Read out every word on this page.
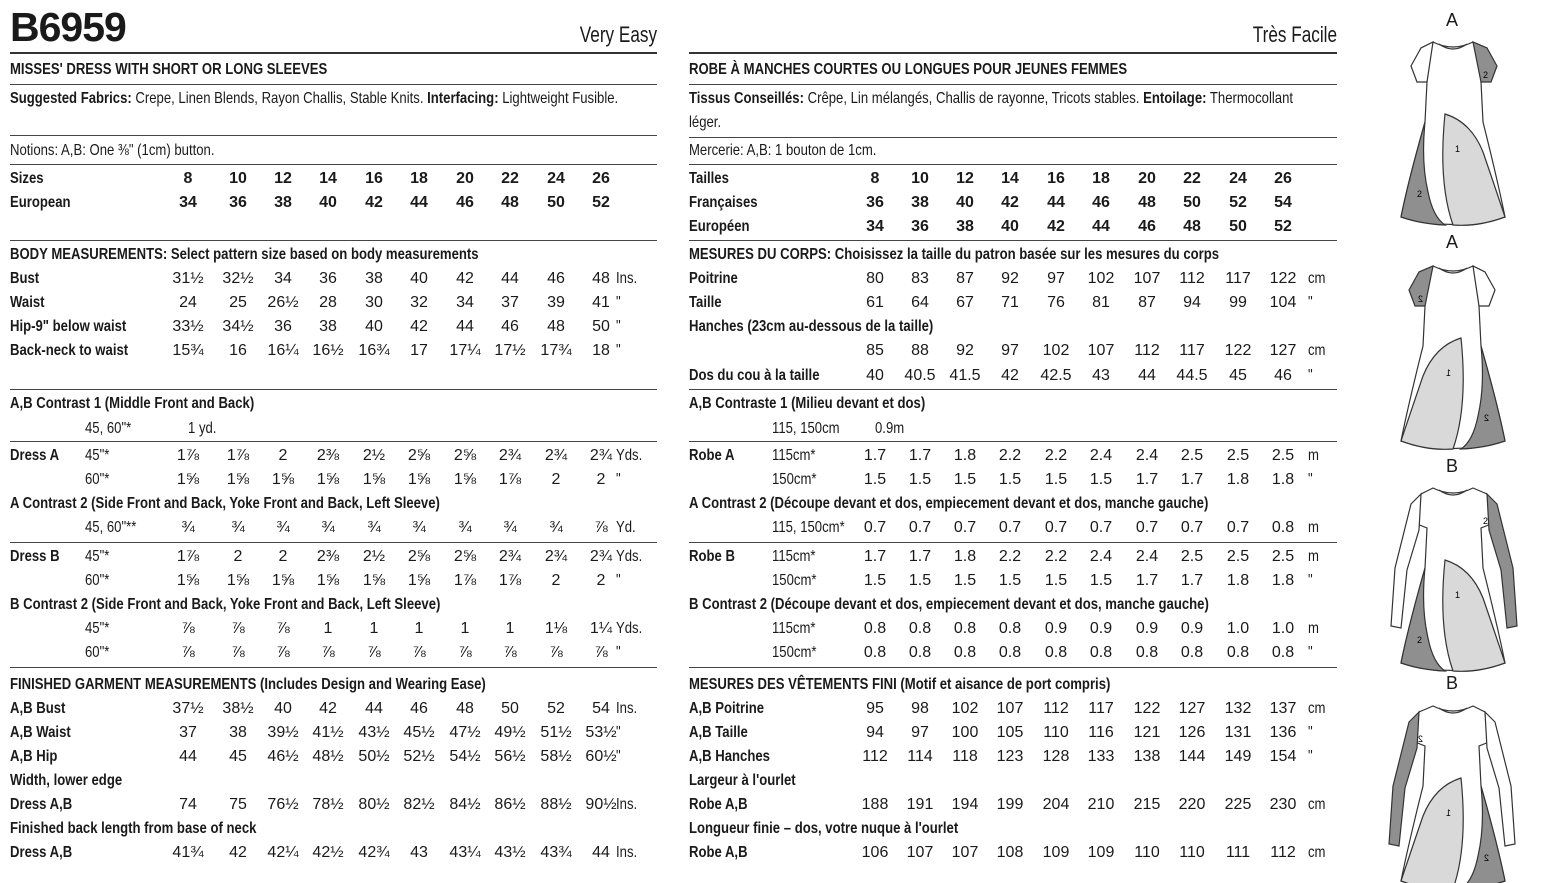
B6959	Very Easy
MISSES' DRESS WITH SHORT OR LONG SLEEVES
Suggested Fabrics: Crepe, Linen Blends, Rayon Challis, Stable Knits. Interfacing: Lightweight Fusible.
Notions: A,B: One ⅜" (1cm) button.
Sizes	8	10	12	14	16	18	20	22	24	26
European	34	36	38	40	42	44	46	48	50	52
BODY MEASUREMENTS: Select pattern size based on body measurements
Bust	31½ 32½	34	36	38	40	42	44	46	48 Ins.
Waist	24	25	26½	28	30	32	34	37	39	41 "
Hip-9" below waist	33½ 34½	36	38	40	42	44	46	48	50 "
Back-neck to waist	15¾	16	16¼ 16½ 16¾	17	17¼ 17½ 17¾	18 "
A,B Contrast 1 (Middle Front and Back)
45, 60"*	1 yd.
Dress A 45"*	1⅞	1⅞	2	2⅜	2½	2⅝	2⅝	2¾	2¾	2¾ Yds.
60"*	1⅝	1⅝	1⅝	1⅝	1⅝	1⅝	1⅝	1⅞	2	2 "
A Contrast 2 (Side Front and Back, Yoke Front and Back, Left Sleeve)
45, 60"**	¾	¾	¾	¾	¾	¾	¾	¾	¾	⅞ Yd.
Dress B 45"*	1⅞	2	2	2⅜	2½	2⅝	2⅝	2¾	2¾	2¾ Yds.
60"*	1⅝	1⅝	1⅝	1⅝	1⅝	1⅝	1⅞	1⅞	2	2 "
B Contrast 2 (Side Front and Back, Yoke Front and Back, Left Sleeve)
45"*	⅞	⅞	⅞	1	1	1	1	1	1⅛	1¼ Yds.
60"*	⅞	⅞	⅞	⅞	⅞	⅞	⅞	⅞	⅞	⅞ "
FINISHED GARMENT MEASUREMENTS (Includes Design and Wearing Ease)
A,B Bust	37½ 38½	40	42	44	46	48	50	52	54 Ins.
A,B Waist	37	38	39½ 41½ 43½ 45½ 47½ 49½ 51½ 53½ "
A,B Hip	44	45	46½ 48½ 50½ 52½ 54½ 56½ 58½ 60½ "
Width, lower edge
Dress A,B	74	75	76½ 78½ 80½ 82½ 84½ 86½ 88½ 90½ Ins.
Finished back length from base of neck
Dress A,B	41¾	42	42¼ 42½ 42¾	43	43¼ 43½ 43¾	44 Ins.
Très Facile
ROBE À MANCHES COURTES OU LONGUES POUR JEUNES FEMMES
Tissus Conseillés: Crêpe, Lin mélangés, Challis de rayonne, Tricots stables. Entoilage: Thermocollant
léger.
Mercerie: A,B: 1 bouton de 1cm.
Tailles	8	10	12	14	16	18	20	22	24	26
Françaises	36	38	40	42	44	46	48	50	52	54
Européen	34	36	38	40	42	44	46	48	50	52
MESURES DU CORPS: Choisissez la taille du patron basée sur les mesures du corps
Poitrine	80	83	87	92	97	102 107 112 117 122 cm
Taille	61	64	67	71	76	81	87	94	99	104 "
Hanches (23cm au-dessous de la taille)
85	88	92	97	102 107 112 117 122 127 cm
Dos du cou à la taille	40	40.5 41.5	42	42.5	43	44	44.5	45	46	"
A,B Contraste 1 (Milieu devant et dos)
115, 150cm 0.9m
Robe A 115cm*	1.7	1.7	1.8	2.2	2.2	2.4	2.4	2.5	2.5	2.5 m
150cm*	1.5	1.5	1.5	1.5	1.5	1.5	1.7	1.7	1.8	1.8 "
A Contrast 2 (Découpe devant et dos, empiecement devant et dos, manche gauche)
115, 150cm*	0.7	0.7	0.7	0.7	0.7	0.7	0.7	0.7	0.7	0.8 m
Robe B 115cm*	1.7	1.7	1.8	2.2	2.2	2.4	2.4	2.5	2.5	2.5 m
150cm*	1.5	1.5	1.5	1.5	1.5	1.5	1.7	1.7	1.8	1.8 "
B Contrast 2 (Découpe devant et dos, empiecement devant et dos, manche gauche)
115cm*	0.8	0.8	0.8	0.8	0.9	0.9	0.9	0.9	1.0	1.0 m
150cm*	0.8	0.8	0.8	0.8	0.8	0.8	0.8	0.8	0.8	0.8 "
MESURES DES VÊTEMENTS FINI (Motif et aisance de port compris)
A,B Poitrine	95	98	102 107 112 117 122 127 132 137 cm
A,B Taille	94	97	100 105 110 116 121 126 131 136 "
A,B Hanches	112 114 118 123 128 133 138 144 149 154 "
Largeur à l'ourlet
Robe A,B	188 191 194 199 204 210 215 220 225 230 cm
Longueur finie – dos, votre nuque à l'ourlet
Robe A,B	106 107 107 108 109 109 110 110	111	112 cm
A
A
B
B
1
2
2
1
2
2
1
2
2
1
2
2
